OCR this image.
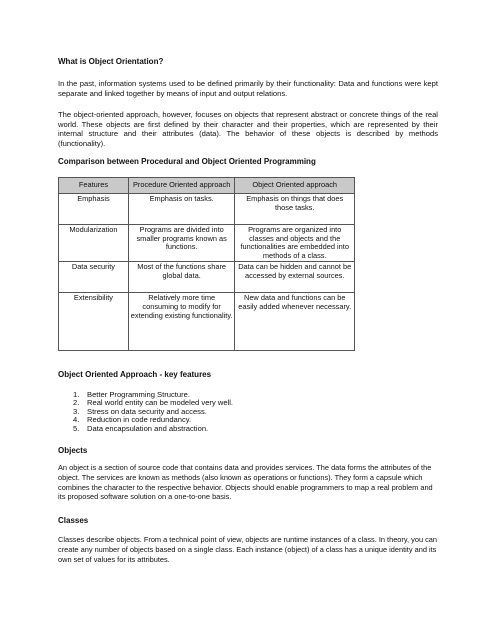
What is Object Orientation?

In the past, information systems used to be defined primarily by their functionality: Data and functions were kept separate and linked together by means of input and output relations.

The object-oriented approach, however, focuses on objects that represent abstract or concrete things of the real world. These objects are first defined by their character and their properties, which are represented by their internal structure and their attributes (data). The behavior of these objects is described by methods (functionality).

Comparison between Procedural and Object Oriented Programming

Features	Procedure Oriented approach	Object Oriented approach
Emphasis	Emphasis on tasks.	Emphasis on things that does those tasks.
Modularization	Programs are divided into smaller programs known as functions.	Programs are organized into classes and objects and the functionalities are embedded into methods of a class.
Data security	Most of the functions share global data.	Data can be hidden and cannot be accessed by external sources.
Extensibility	Relatively more time consuming to modify for extending existing functionality.	New data and functions can be easily added whenever necessary.

Object Oriented Approach - key features

1. Better Programming Structure.
2. Real world entity can be modeled very well.
3. Stress on data security and access.
4. Reduction in code redundancy.
5. Data encapsulation and abstraction.

Objects

An object is a section of source code that contains data and provides services. The data forms the attributes of the object. The services are known as methods (also known as operations or functions). They form a capsule which combines the character to the respective behavior. Objects should enable programmers to map a real problem and its proposed software solution on a one-to-one basis.

Classes

Classes describe objects. From a technical point of view, objects are runtime instances of a class. In theory, you can create any number of objects based on a single class. Each instance (object) of a class has a unique identity and its own set of values for its attributes.
